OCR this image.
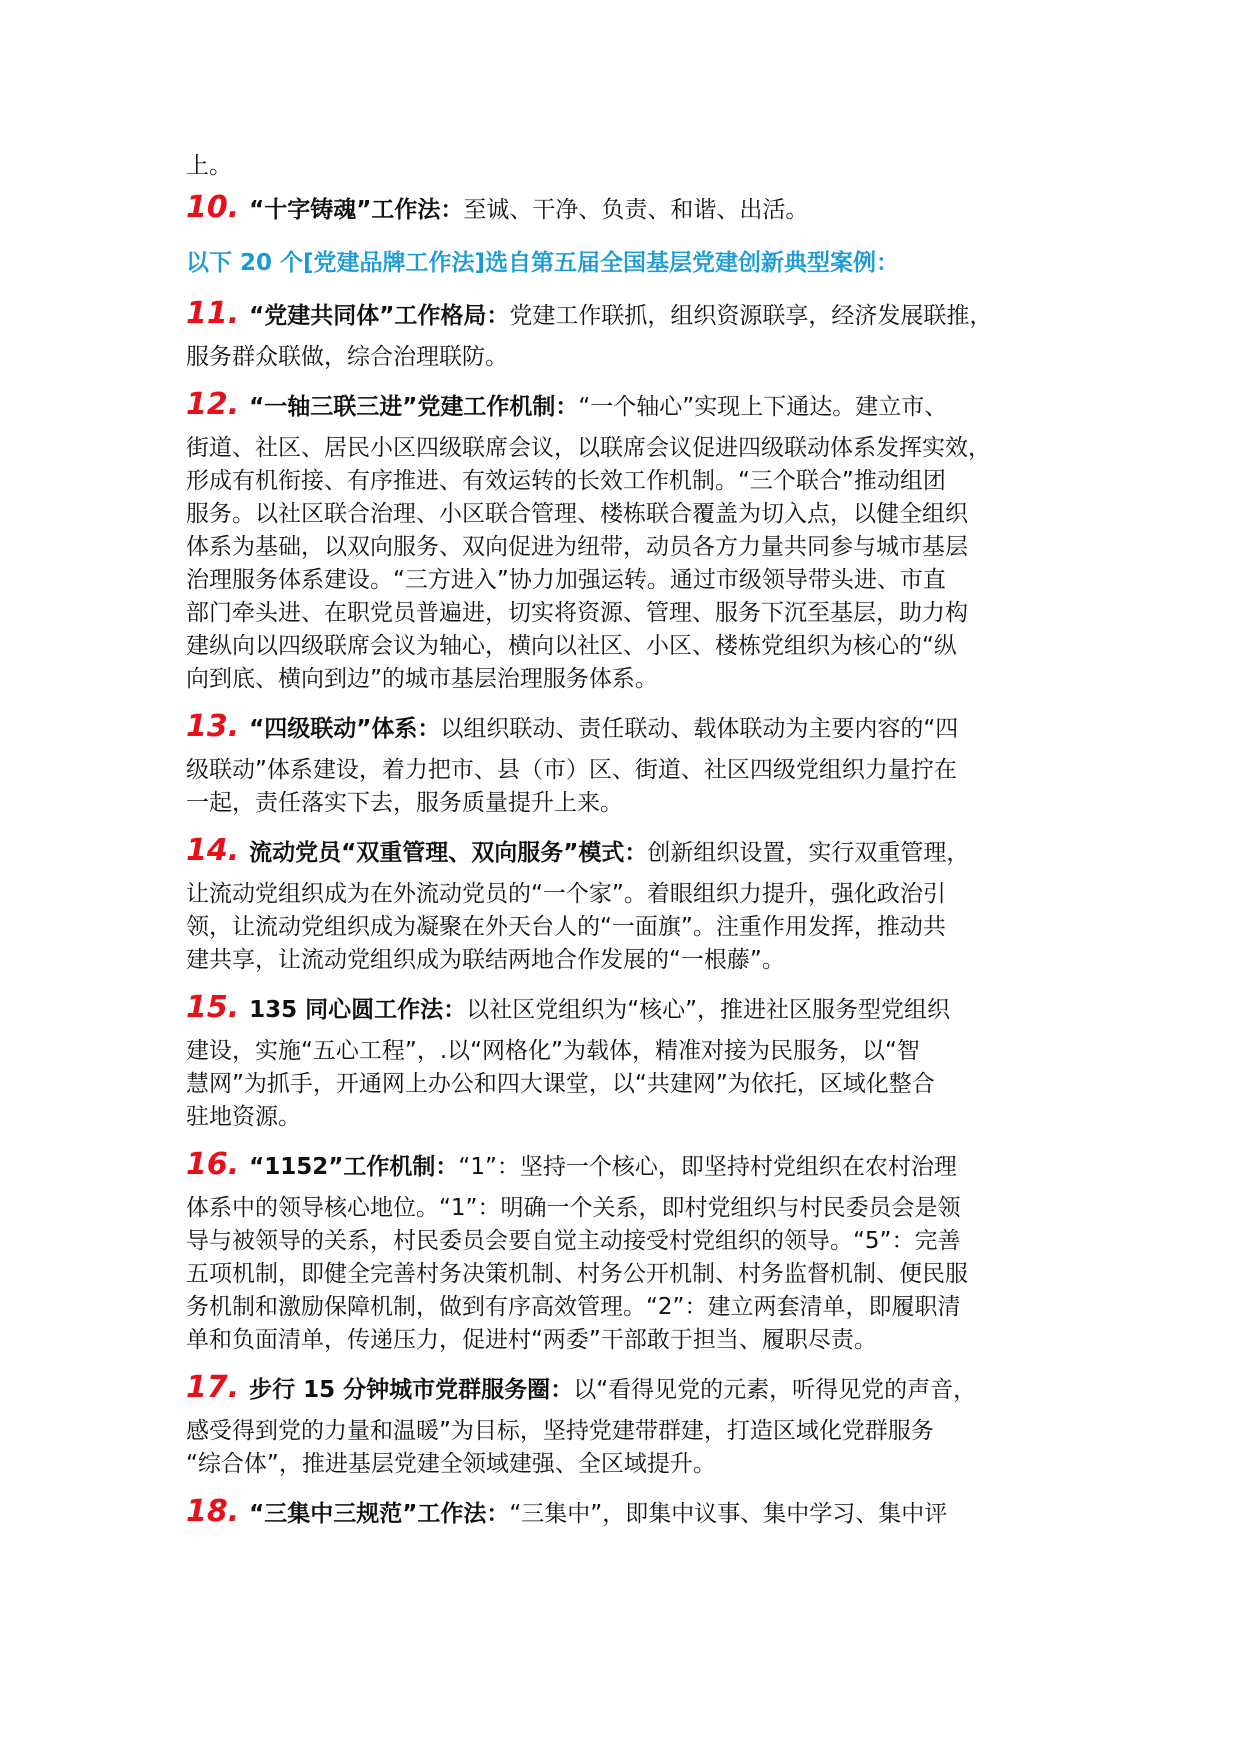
上。

10. “十字铸魂”工作法：至诚、干净、负责、和谐、出活。

以下 20 个[党建品牌工作法]选自第五届全国基层党建创新典型案例：

11. “党建共同体”工作格局：党建工作联抓，组织资源联享，经济发展联推，

服务群众联做，综合治理联防。

12. “一轴三联三进”党建工作机制：“一个轴心”实现上下通达。建立市、

街道、社区、居民小区四级联席会议，以联席会议促进四级联动体系发挥实效，

形成有机衔接、有序推进、有效运转的长效工作机制。“三个联合”推动组团

服务。以社区联合治理、小区联合管理、楼栋联合覆盖为切入点，以健全组织

体系为基础，以双向服务、双向促进为纽带，动员各方力量共同参与城市基层

治理服务体系建设。“三方进入”协力加强运转。通过市级领导带头进、市直

部门牵头进、在职党员普遍进，切实将资源、管理、服务下沉至基层，助力构

建纵向以四级联席会议为轴心，横向以社区、小区、楼栋党组织为核心的“纵

向到底、横向到边”的城市基层治理服务体系。

13. “四级联动”体系：以组织联动、责任联动、载体联动为主要内容的“四

级联动”体系建设，着力把市、县（市）区、街道、社区四级党组织力量拧在

一起，责任落实下去，服务质量提升上来。

14. 流动党员“双重管理、双向服务”模式：创新组织设置，实行双重管理，

让流动党组织成为在外流动党员的“一个家”。着眼组织力提升，强化政治引

领，让流动党组织成为凝聚在外天台人的“一面旗”。注重作用发挥，推动共

建共享，让流动党组织成为联结两地合作发展的“一根藤”。

15. 135 同心圆工作法：以社区党组织为“核心”，推进社区服务型党组织

建设，实施“五心工程”，.以“网格化”为载体，精准对接为民服务，以“智

慧网”为抓手，开通网上办公和四大课堂，以“共建网”为依托，区域化整合

驻地资源。

16. “1152”工作机制：“1”：坚持一个核心，即坚持村党组织在农村治理

体系中的领导核心地位。“1”：明确一个关系，即村党组织与村民委员会是领

导与被领导的关系，村民委员会要自觉主动接受村党组织的领导。“5”：完善

五项机制，即健全完善村务决策机制、村务公开机制、村务监督机制、便民服

务机制和激励保障机制，做到有序高效管理。“2”：建立两套清单，即履职清

单和负面清单，传递压力，促进村“两委”干部敢于担当、履职尽责。

17. 步行 15 分钟城市党群服务圈：以“看得见党的元素，听得见党的声音，

感受得到党的力量和温暖”为目标，坚持党建带群建，打造区域化党群服务

“综合体”，推进基层党建全领域建强、全区域提升。

18. “三集中三规范”工作法：“三集中”，即集中议事、集中学习、集中评
